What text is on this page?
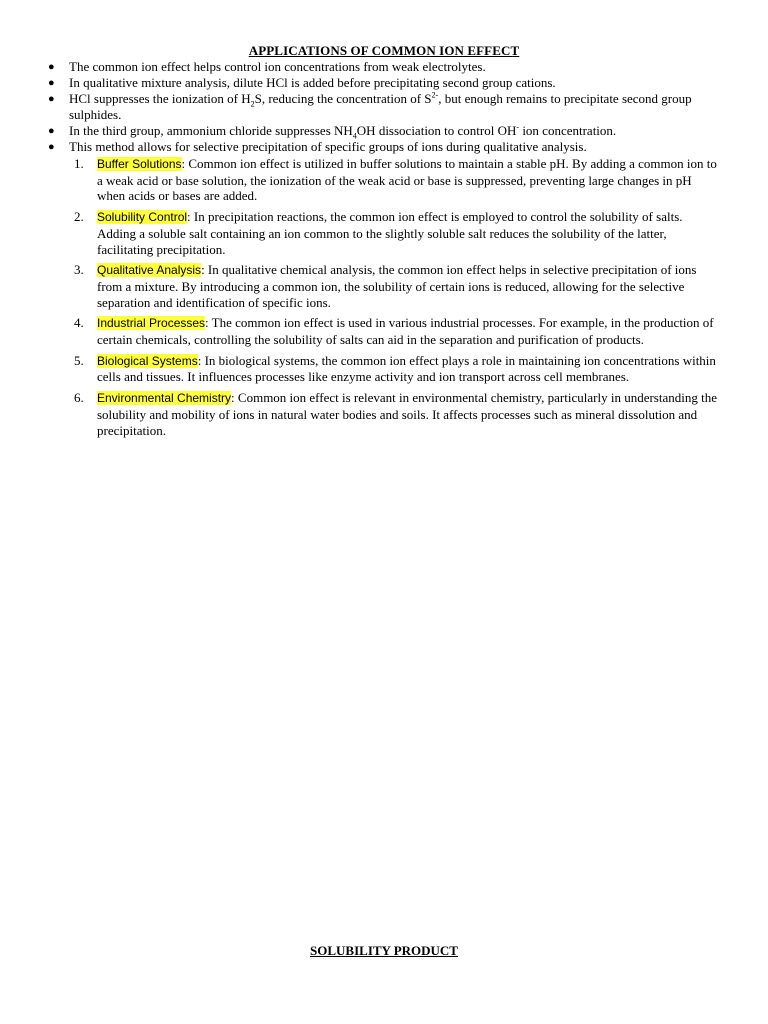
APPLICATIONS OF COMMON ION EFFECT
● The common ion effect helps control ion concentrations from weak electrolytes.
● In qualitative mixture analysis, dilute HCl is added before precipitating second group cations.
● HCl suppresses the ionization of $H_2S$, reducing the concentration of $S^{2-}$, but enough remains to precipitate second group sulphides.
● In the third group, ammonium chloride suppresses $NH_4OH$ dissociation to control OH- ion concentration.
● This method allows for selective precipitation of specific groups of ions during qualitative analysis.
1.	Buffer Solutions: Common ion effect is utilized in buffer solutions to maintain a stable pH. By adding a common ion to a weak acid or base solution, the ionization of the weak acid or base is suppressed, preventing large changes in pH when acids or bases are added.
2.	Solubility Control: In precipitation reactions, the common ion effect is employed to control the solubility of salts. Adding a soluble salt containing an ion common to the slightly soluble salt reduces the solubility of the latter, facilitating precipitation.
3.	Qualitative Analysis: In qualitative chemical analysis, the common ion effect helps in selective precipitation of ions from a mixture. By introducing a common ion, the solubility of certain ions is reduced, allowing for the selective separation and identification of specific ions.
4.	Industrial Processes: The common ion effect is used in various industrial processes. For example, in the production of certain chemicals, controlling the solubility of salts can aid in the separation and purification of products.
5.	Biological Systems: In biological systems, the common ion effect plays a role in maintaining ion concentrations within cells and tissues. It influences processes like enzyme activity and ion transport across cell membranes.
6.	Environmental Chemistry: Common ion effect is relevant in environmental chemistry, particularly in understanding the solubility and mobility of ions in natural water bodies and soils. It affects processes such as mineral dissolution and precipitation.
SOLUBILITY PRODUCT
